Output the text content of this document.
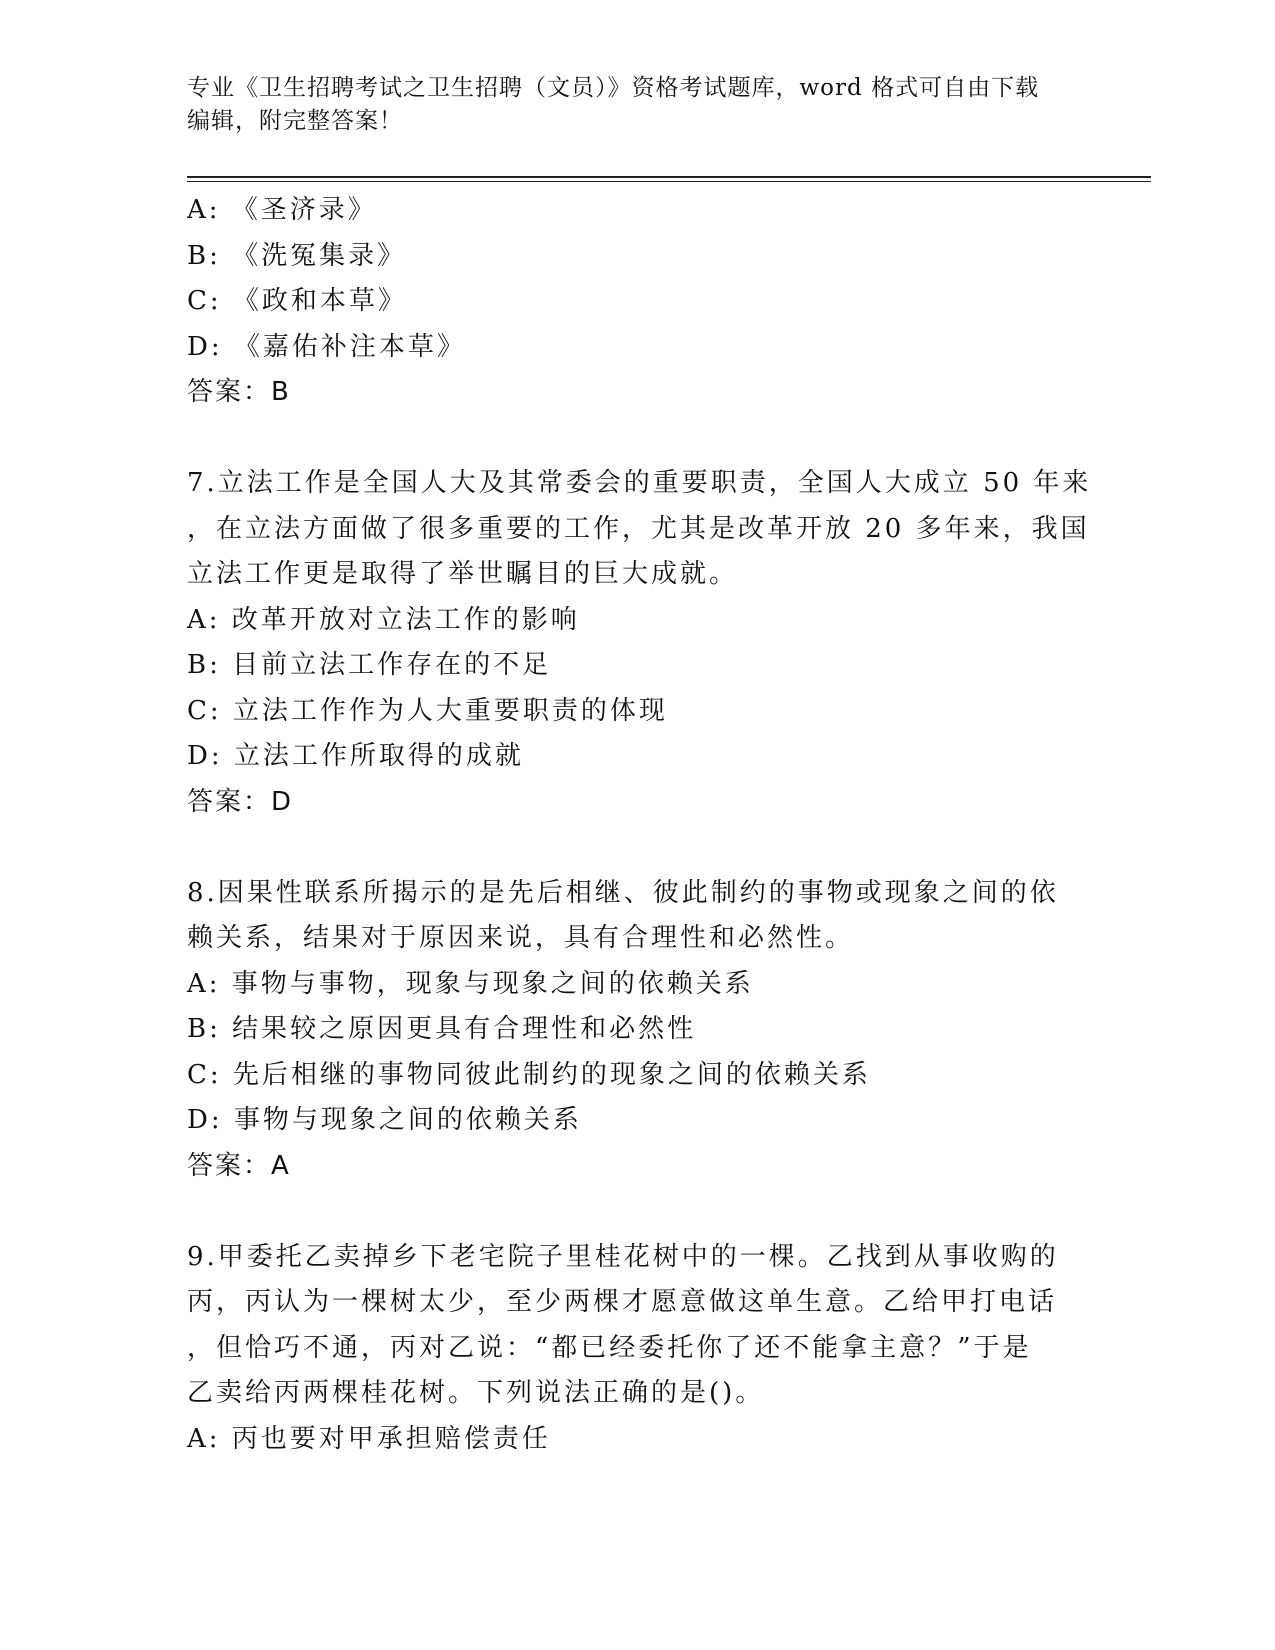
专业《卫生招聘考试之卫生招聘（文员）》资格考试题库，word 格式可自由下载
编辑，附完整答案！
A: 《圣济录》
B: 《洗冤集录》
C: 《政和本草》
D: 《嘉佑补注本草》
答案：B
7.立法工作是全国人大及其常委会的重要职责，全国人大成立 50 年来
，在立法方面做了很多重要的工作，尤其是改革开放 20 多年来，我国
立法工作更是取得了举世瞩目的巨大成就。
A: 改革开放对立法工作的影响
B: 目前立法工作存在的不足
C: 立法工作作为人大重要职责的体现
D: 立法工作所取得的成就
答案：D
8.因果性联系所揭示的是先后相继、彼此制约的事物或现象之间的依
赖关系，结果对于原因来说，具有合理性和必然性。
A: 事物与事物，现象与现象之间的依赖关系
B: 结果较之原因更具有合理性和必然性
C: 先后相继的事物同彼此制约的现象之间的依赖关系
D: 事物与现象之间的依赖关系
答案：A
9.甲委托乙卖掉乡下老宅院子里桂花树中的一棵。乙找到从事收购的
丙，丙认为一棵树太少，至少两棵才愿意做这单生意。乙给甲打电话
，但恰巧不通，丙对乙说：“都已经委托你了还不能拿主意？”于是
乙卖给丙两棵桂花树。下列说法正确的是()。
A: 丙也要对甲承担赔偿责任
